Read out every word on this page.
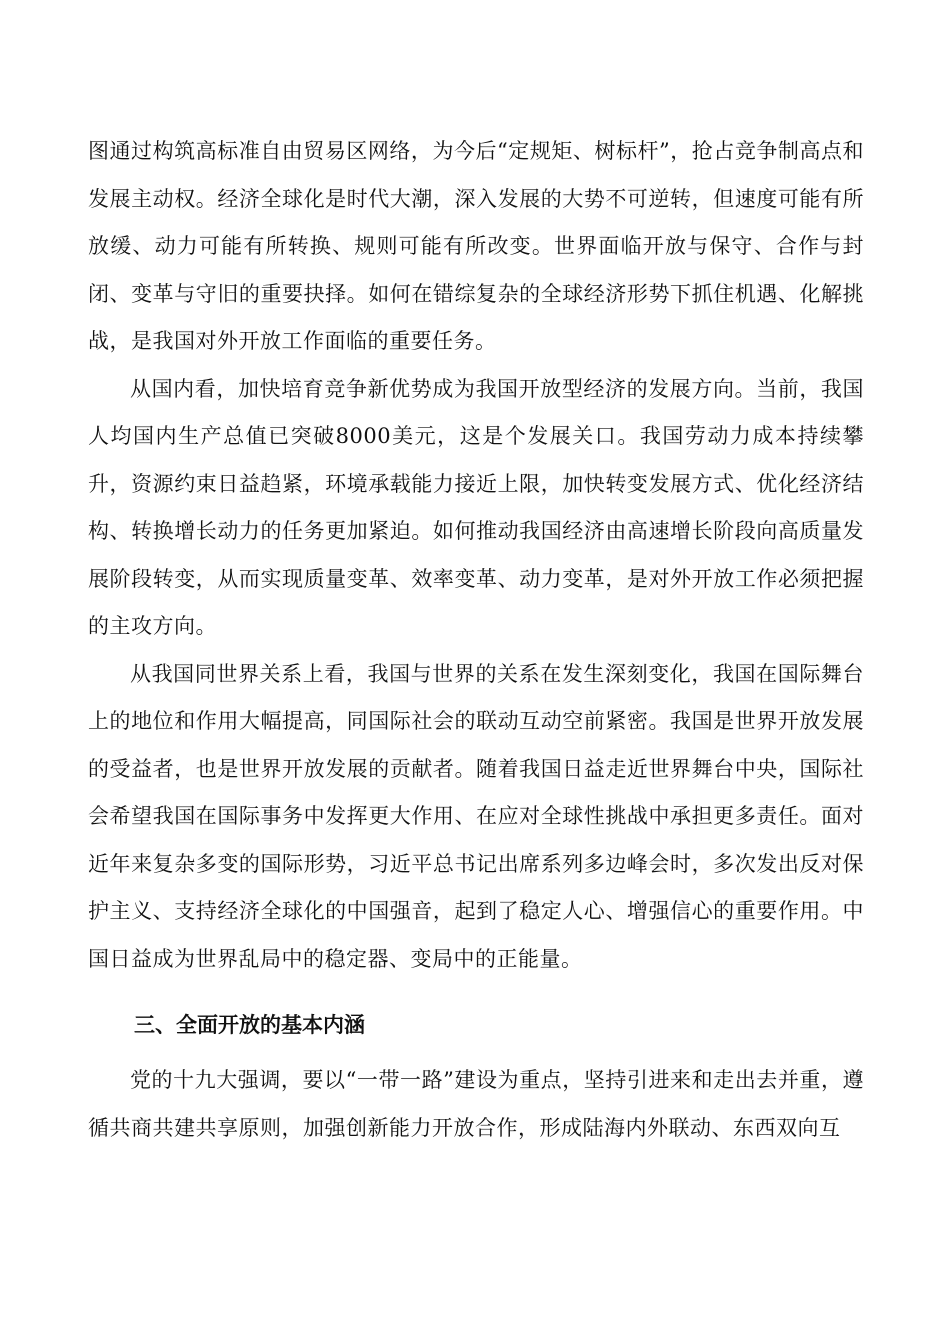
图通过构筑高标准自由贸易区网络，为今后“定规矩、树标杆”，抢占竞争制高点和发展主动权。经济全球化是时代大潮，深入发展的大势不可逆转，但速度可能有所放缓、动力可能有所转换、规则可能有所改变。世界面临开放与保守、合作与封闭、变革与守旧的重要抉择。如何在错综复杂的全球经济形势下抓住机遇、化解挑战，是我国对外开放工作面临的重要任务。

从国内看，加快培育竞争新优势成为我国开放型经济的发展方向。当前，我国人均国内生产总值已突破8000美元，这是个发展关口。我国劳动力成本持续攀升，资源约束日益趋紧，环境承载能力接近上限，加快转变发展方式、优化经济结构、转换增长动力的任务更加紧迫。如何推动我国经济由高速增长阶段向高质量发展阶段转变，从而实现质量变革、效率变革、动力变革，是对外开放工作必须把握的主攻方向。

从我国同世界关系上看，我国与世界的关系在发生深刻变化，我国在国际舞台上的地位和作用大幅提高，同国际社会的联动互动空前紧密。我国是世界开放发展的受益者，也是世界开放发展的贡献者。随着我国日益走近世界舞台中央，国际社会希望我国在国际事务中发挥更大作用、在应对全球性挑战中承担更多责任。面对近年来复杂多变的国际形势，习近平总书记出席系列多边峰会时，多次发出反对保护主义、支持经济全球化的中国强音，起到了稳定人心、增强信心的重要作用。中国日益成为世界乱局中的稳定器、变局中的正能量。

三、全面开放的基本内涵

党的十九大强调，要以“一带一路”建设为重点，坚持引进来和走出去并重，遵循共商共建共享原则，加强创新能力开放合作，形成陆海内外联动、东西双向互
